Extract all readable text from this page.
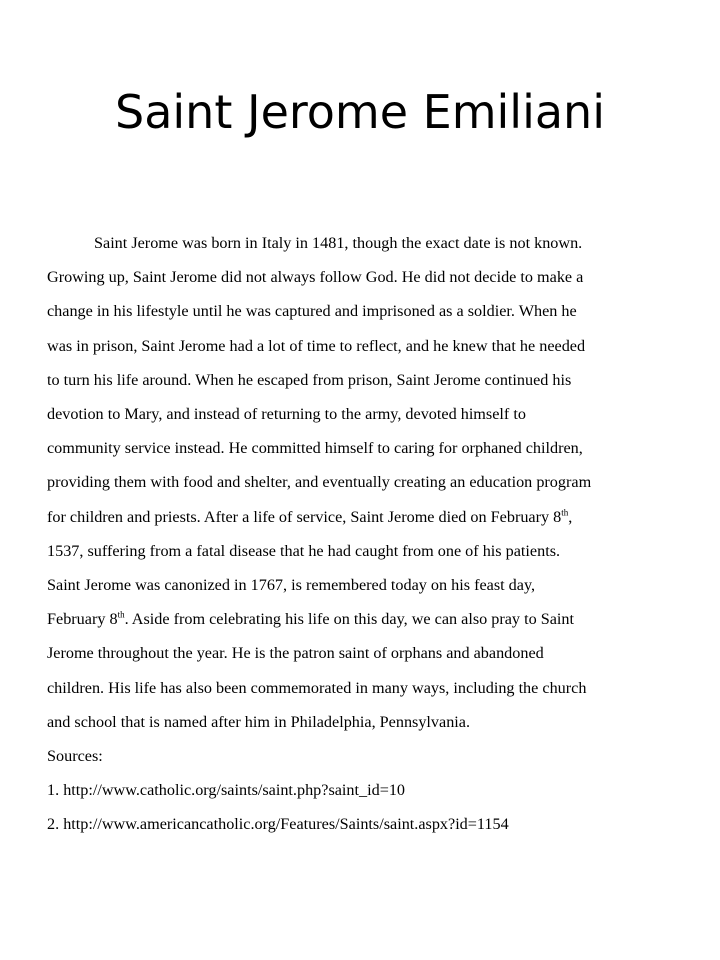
Saint Jerome Emiliani

Saint Jerome was born in Italy in 1481, though the exact date is not known.
Growing up, Saint Jerome did not always follow God. He did not decide to make a
change in his lifestyle until he was captured and imprisoned as a soldier. When he
was in prison, Saint Jerome had a lot of time to reflect, and he knew that he needed
to turn his life around. When he escaped from prison, Saint Jerome continued his
devotion to Mary, and instead of returning to the army, devoted himself to
community service instead. He committed himself to caring for orphaned children,
providing them with food and shelter, and eventually creating an education program
for children and priests. After a life of service, Saint Jerome died on February 8th,
1537, suffering from a fatal disease that he had caught from one of his patients.
Saint Jerome was canonized in 1767, is remembered today on his feast day,
February 8th. Aside from celebrating his life on this day, we can also pray to Saint
Jerome throughout the year. He is the patron saint of orphans and abandoned
children. His life has also been commemorated in many ways, including the church
and school that is named after him in Philadelphia, Pennsylvania.

Sources:

1. http://www.catholic.org/saints/saint.php?saint_id=10

2. http://www.americancatholic.org/Features/Saints/saint.aspx?id=1154
